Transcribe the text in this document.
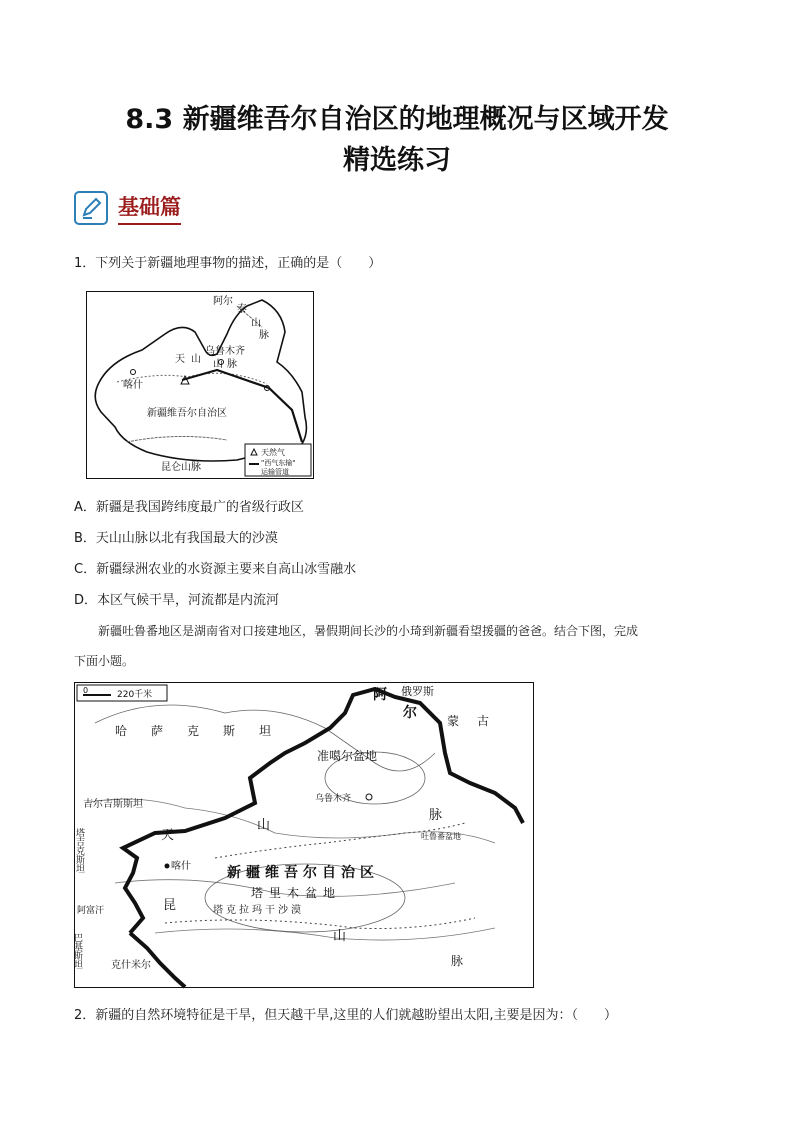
8.3 新疆维吾尔自治区的地理概况与区域开发
精选练习
基础篇
1．下列关于新疆地理事物的描述，正确的是（　　）
阿尔
泰
山
脉
乌鲁木齐
天 山 山 脉
喀什
新疆维吾尔自治区
昆仑山脉
天然气
"西气东输"
运输管道
A．新疆是我国跨纬度最广的省级行政区
B．天山山脉以北有我国最大的沙漠
C．新疆绿洲农业的水资源主要来自高山冰雪融水
D．本区气候干旱，河流都是内流河
新疆吐鲁番地区是湖南省对口接建地区，暑假期间长沙的小琦到新疆看望援疆的爸爸。结合下图，完成
下面小题。
0	220千米	俄罗斯
蒙古
哈萨克斯坦
阿
尔
准噶尔盆地
乌鲁木齐
吉尔吉斯斯坦
塔吉克斯坦	天
山
脉
吐鲁番盆地
喀什	新疆维吾尔自治区
塔里木盆地
塔克拉玛干沙漠
阿富汗	昆
巴基斯坦	克什米尔
山
脉
2．新疆的自然环境特征是干旱，但天越干旱,这里的人们就越盼望出太阳,主要是因为：（　　）
